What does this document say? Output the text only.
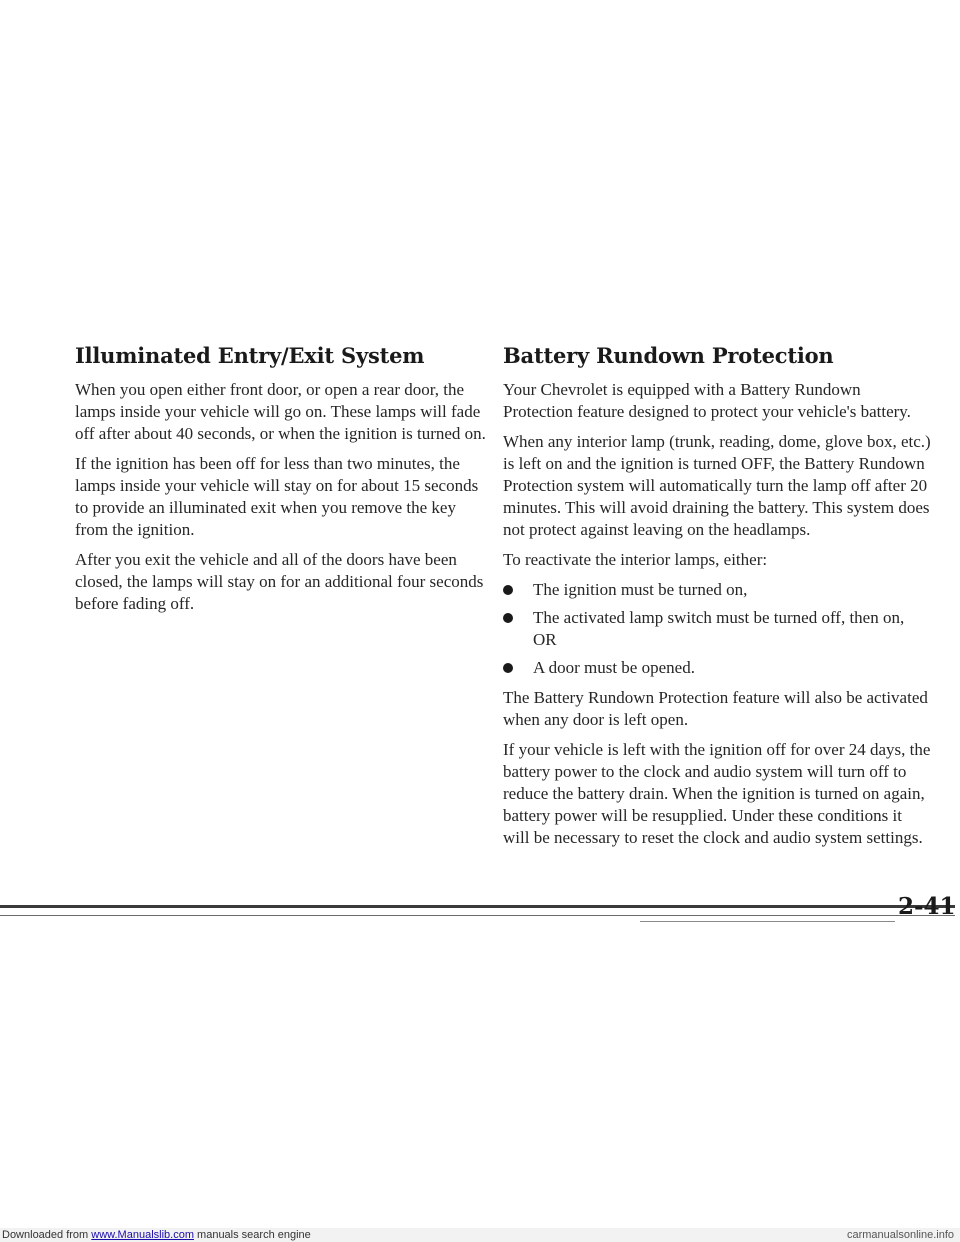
Illuminated Entry/Exit System

When you open either front door, or open a rear door, the lamps inside your vehicle will go on. These lamps will fade off after about 40 seconds, or when the ignition is turned on.

If the ignition has been off for less than two minutes, the lamps inside your vehicle will stay on for about 15 seconds to provide an illuminated exit when you remove the key from the ignition.

After you exit the vehicle and all of the doors have been closed, the lamps will stay on for an additional four seconds before fading off.

Battery Rundown Protection

Your Chevrolet is equipped with a Battery Rundown Protection feature designed to protect your vehicle's battery.

When any interior lamp (trunk, reading, dome, glove box, etc.) is left on and the ignition is turned OFF, the Battery Rundown Protection system will automatically turn the lamp off after 20 minutes. This will avoid draining the battery. This system does not protect against leaving on the headlamps.

To reactivate the interior lamps, either:

The ignition must be turned on,
The activated lamp switch must be turned off, then on, OR
A door must be opened.

The Battery Rundown Protection feature will also be activated when any door is left open.

If your vehicle is left with the ignition off for over 24 days, the battery power to the clock and audio system will turn off to reduce the battery drain. When the ignition is turned on again, battery power will be resupplied. Under these conditions it will be necessary to reset the clock and audio system settings.

2-41
Downloaded from www.Manualslib.com manuals search engine	carmanualsonline.info
